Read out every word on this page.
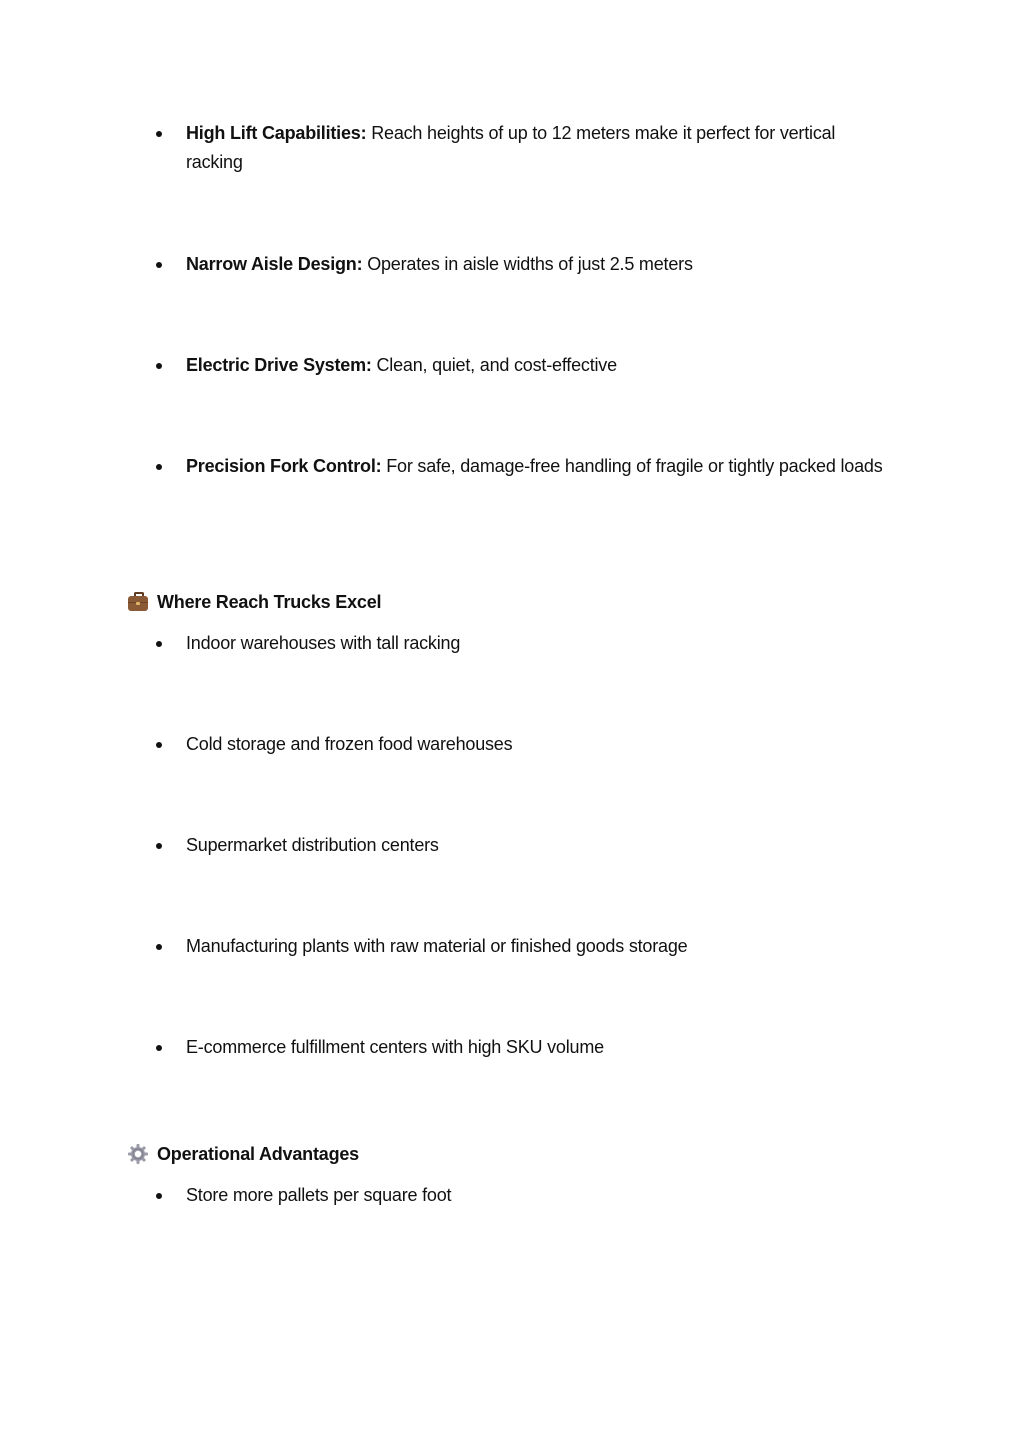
High Lift Capabilities: Reach heights of up to 12 meters make it perfect for vertical racking
Narrow Aisle Design: Operates in aisle widths of just 2.5 meters
Electric Drive System: Clean, quiet, and cost-effective
Precision Fork Control: For safe, damage-free handling of fragile or tightly packed loads
Where Reach Trucks Excel
Indoor warehouses with tall racking
Cold storage and frozen food warehouses
Supermarket distribution centers
Manufacturing plants with raw material or finished goods storage
E-commerce fulfillment centers with high SKU volume
Operational Advantages
Store more pallets per square foot
